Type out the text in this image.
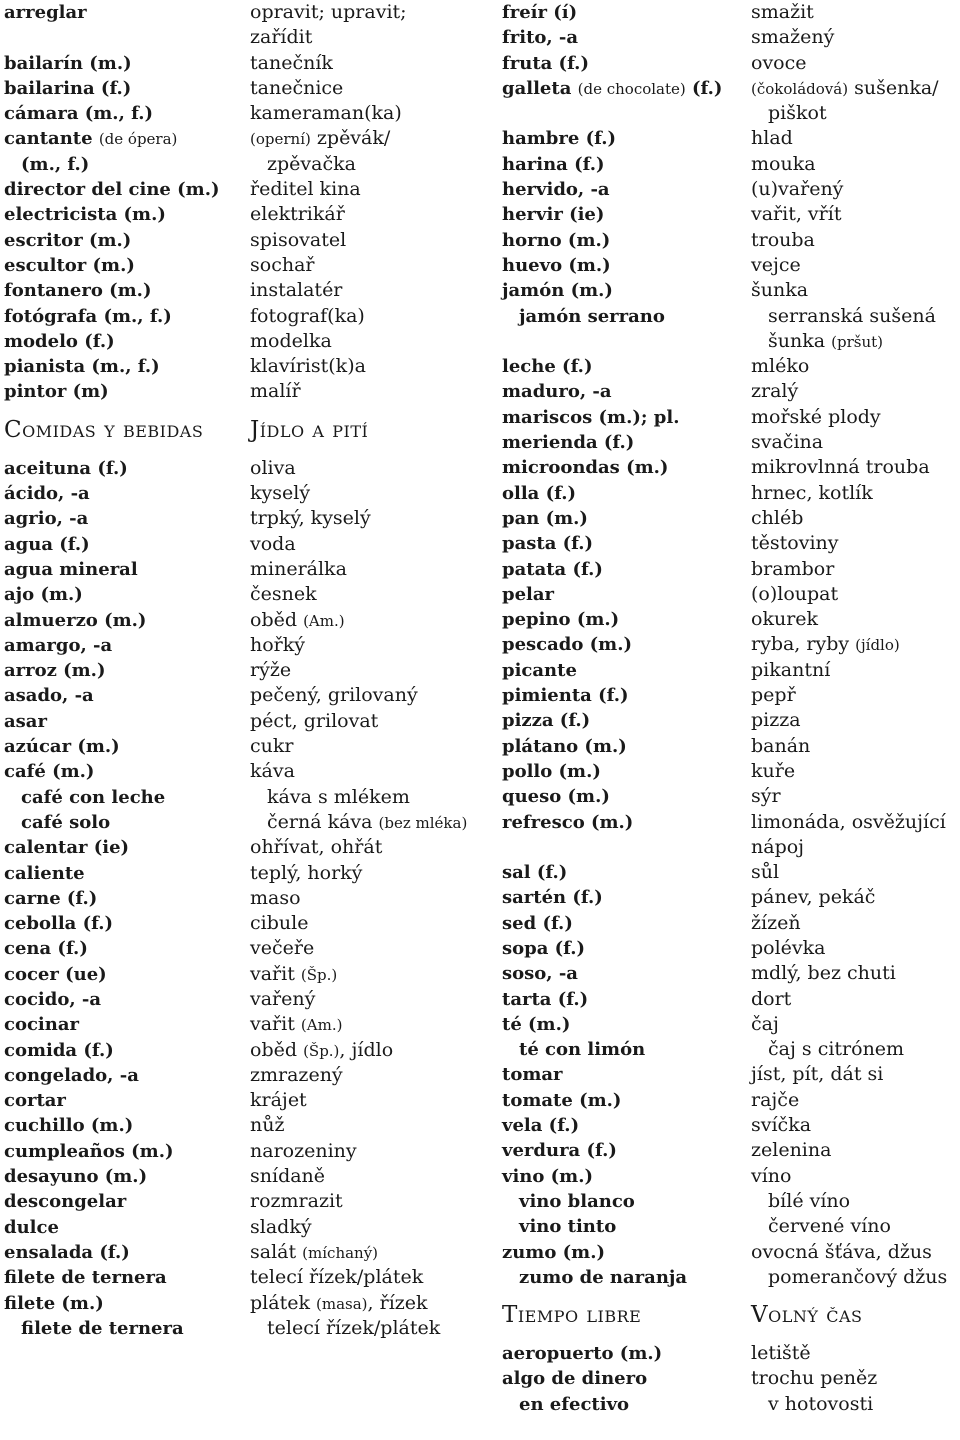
arreglar
bailarín (m.)
bailarina (f.)
cámara (m., f.)
cantante (de ópera)
(m., f.)
director del cine (m.)
electricista (m.)
escritor (m.)
escultor (m.)
fontanero (m.)
fotógrafa (m., f.)
modelo (f.)
pianista (m., f.)
pintor (m)
Comidas y bebidas
aceituna (f.)
ácido, -a
agrio, -a
agua (f.)
agua mineral
ajo (m.)
almuerzo (m.)
amargo, -a
arroz (m.)
asado, -a
asar
azúcar (m.)
café (m.)
café con leche
café solo
calentar (ie)
caliente
carne (f.)
cebolla (f.)
cena (f.)
cocer (ue)
cocido, -a
cocinar
comida (f.)
congelado, -a
cortar
cuchillo (m.)
cumpleaños (m.)
desayuno (m.)
descongelar
dulce
ensalada (f.)
filete de ternera
filete (m.)
filete de ternera
opravit; upravit;
zařídit
tanečník
tanečnice
kameraman(ka)
(operní) zpěvák/
zpěvačka
ředitel kina
elektrikář
spisovatel
sochař
instalatér
fotograf(ka)
modelka
klavírist(k)a
malíř
Jídlo a pití
oliva
kyselý
trpký, kyselý
voda
minerálka
česnek
oběd (Am.)
hořký
rýže
pečený, grilovaný
péct, grilovat
cukr
káva
káva s mlékem
černá káva (bez mléka)
ohřívat, ohřát
teplý, horký
maso
cibule
večeře
vařit (Šp.)
vařený
vařit (Am.)
oběd (Šp.), jídlo
zmrazený
krájet
nůž
narozeniny
snídaně
rozmrazit
sladký
salát (míchaný)
telecí řízek/plátek
plátek (masa), řízek
telecí řízek/plátek
freír (í)
frito, -a
fruta (f.)
galleta (de chocolate) (f.)
hambre (f.)
harina (f.)
hervido, -a
hervir (ie)
horno (m.)
huevo (m.)
jamón (m.)
jamón serrano
leche (f.)
maduro, -a
mariscos (m.); pl.
merienda (f.)
microondas (m.)
olla (f.)
pan (m.)
pasta (f.)
patata (f.)
pelar
pepino (m.)
pescado (m.)
picante
pimienta (f.)
pizza (f.)
plátano (m.)
pollo (m.)
queso (m.)
refresco (m.)
sal (f.)
sartén (f.)
sed (f.)
sopa (f.)
soso, -a
tarta (f.)
té (m.)
té con limón
tomar
tomate (m.)
vela (f.)
verdura (f.)
vino (m.)
vino blanco
vino tinto
zumo (m.)
zumo de naranja
Tiempo libre
aeropuerto (m.)
algo de dinero
en efectivo
smažit
smažený
ovoce
(čokoládová) sušenka/
piškot
hlad
mouka
(u)vařený
vařit, vřít
trouba
vejce
šunka
serranská sušená
šunka (pršut)
mléko
zralý
mořské plody
svačina
mikrovlnná trouba
hrnec, kotlík
chléb
těstoviny
brambor
(o)loupat
okurek
ryba, ryby (jídlo)
pikantní
pepř
pizza
banán
kuře
sýr
limonáda, osvěžující
nápoj
sůl
pánev, pekáč
žízeň
polévka
mdlý, bez chuti
dort
čaj
čaj s citrónem
jíst, pít, dát si
rajče
svíčka
zelenina
víno
bílé víno
červené víno
ovocná šťáva, džus
pomerančový džus
Volný čas
letiště
trochu peněz
v hotovosti
